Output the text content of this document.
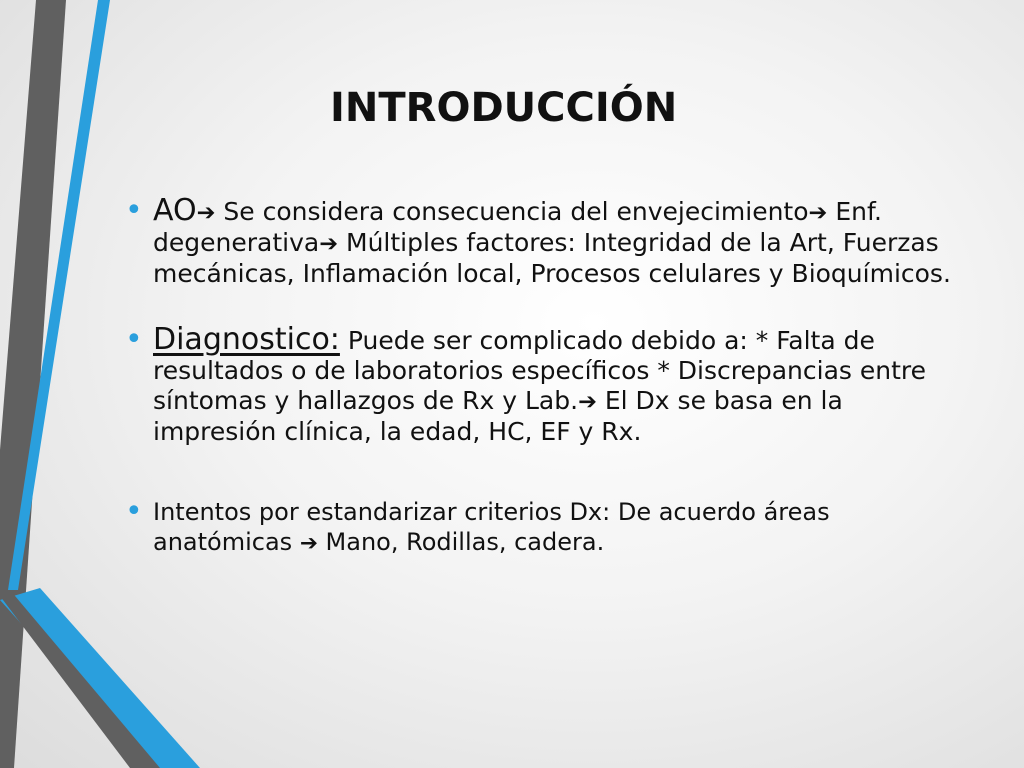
INTRODUCCIÓN
• AO➔ Se considera consecuencia del envejecimiento➔ Enf. degenerativa➔ Múltiples factores: Integridad de la Art, Fuerzas mecánicas, Inflamación local, Procesos celulares y Bioquímicos.
• Diagnostico: Puede ser complicado debido a: * Falta de resultados o de laboratorios específicos * Discrepancias entre síntomas y hallazgos de Rx y Lab.➔ El Dx se basa en la impresión clínica, la edad, HC, EF y Rx.
• Intentos por estandarizar criterios Dx: De acuerdo áreas anatómicas ➔ Mano, Rodillas, cadera.
